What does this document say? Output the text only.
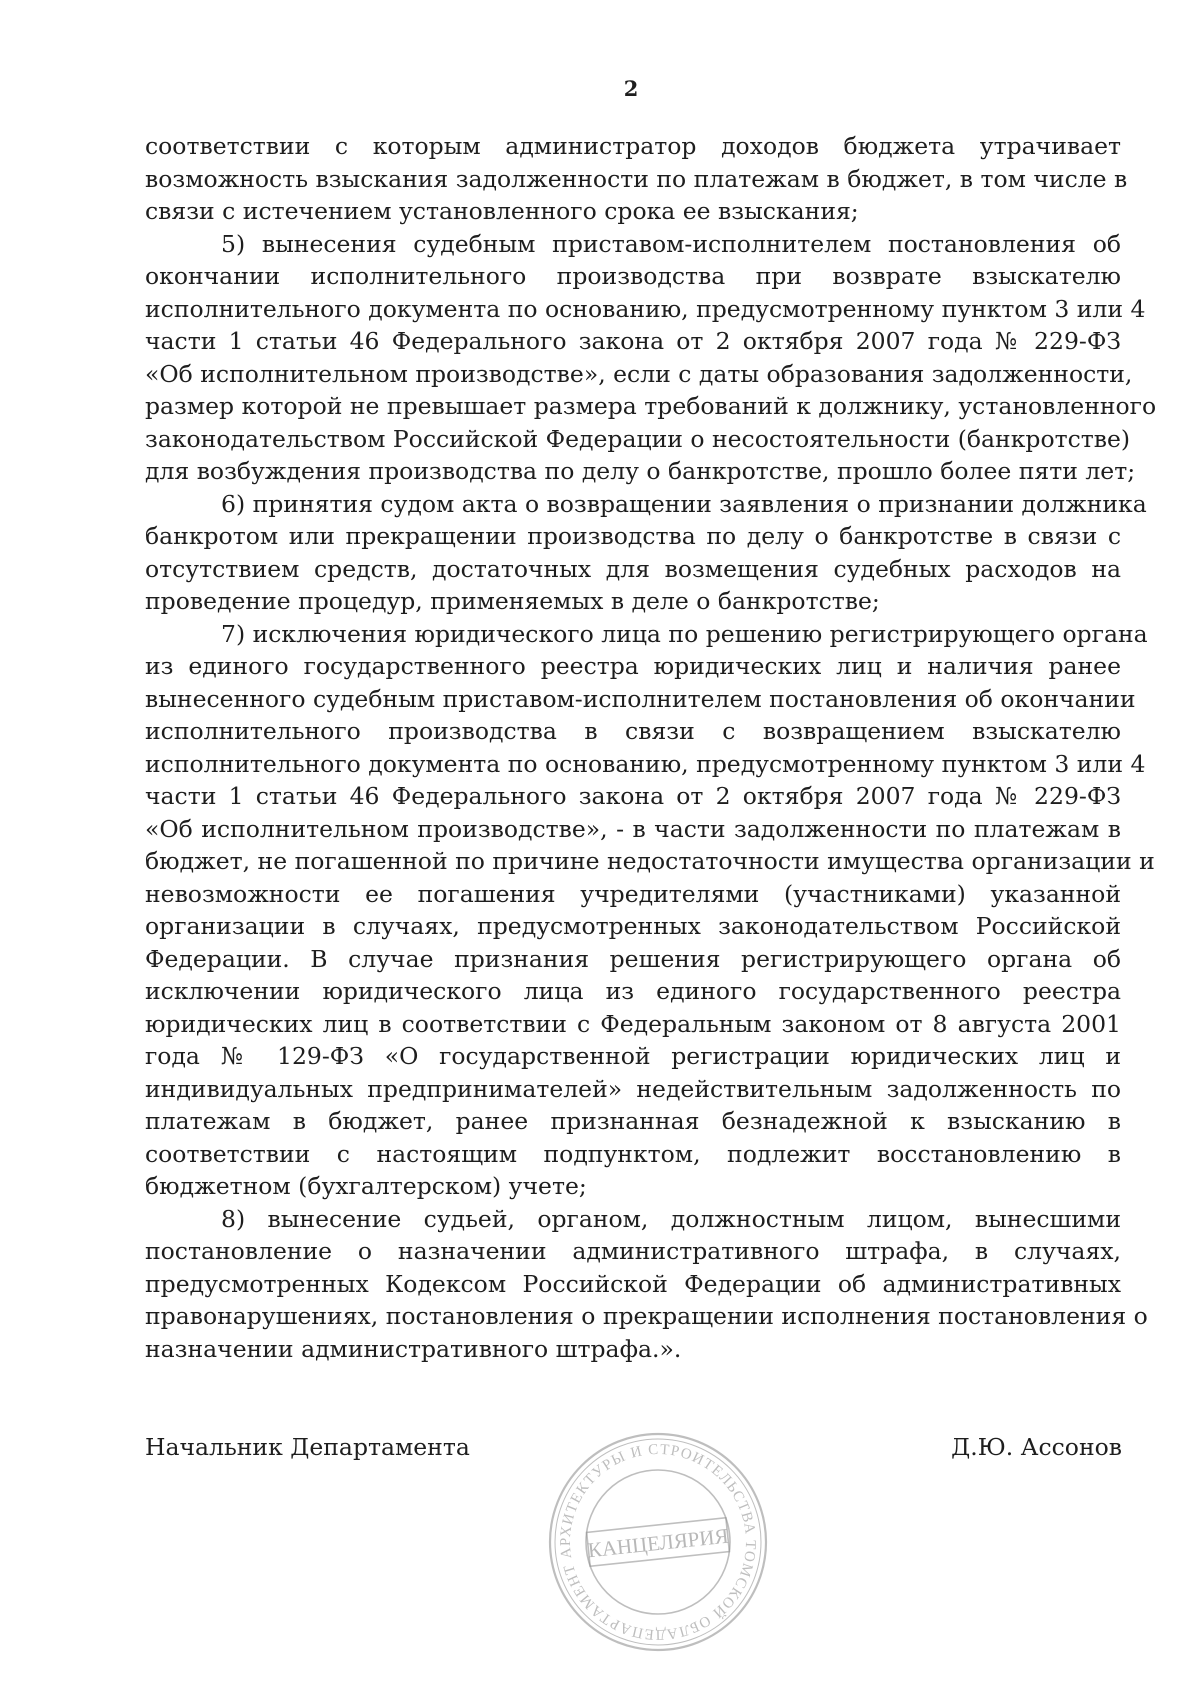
2
соответствии с которым администратор доходов бюджета утрачивает
возможность взыскания задолженности по платежам в бюджет, в том числе в
связи с истечением установленного срока ее взыскания;
5) вынесения судебным приставом-исполнителем постановления об
окончании исполнительного производства при возврате взыскателю
исполнительного документа по основанию, предусмотренному пунктом 3 или 4
части 1 статьи 46 Федерального закона от 2 октября 2007 года № 229-ФЗ
«Об исполнительном производстве», если с даты образования задолженности,
размер которой не превышает размера требований к должнику, установленного
законодательством Российской Федерации о несостоятельности (банкротстве)
для возбуждения производства по делу о банкротстве, прошло более пяти лет;
6) принятия судом акта о возвращении заявления о признании должника
банкротом или прекращении производства по делу о банкротстве в связи с
отсутствием средств, достаточных для возмещения судебных расходов на
проведение процедур, применяемых в деле о банкротстве;
7) исключения юридического лица по решению регистрирующего органа
из единого государственного реестра юридических лиц и наличия ранее
вынесенного судебным приставом-исполнителем постановления об окончании
исполнительного производства в связи с возвращением взыскателю
исполнительного документа по основанию, предусмотренному пунктом 3 или 4
части 1 статьи 46 Федерального закона от 2 октября 2007 года № 229-ФЗ
«Об исполнительном производстве», - в части задолженности по платежам в
бюджет, не погашенной по причине недостаточности имущества организации и
невозможности ее погашения учредителями (участниками) указанной
организации в случаях, предусмотренных законодательством Российской
Федерации. В случае признания решения регистрирующего органа об
исключении юридического лица из единого государственного реестра
юридических лиц в соответствии с Федеральным законом от 8 августа 2001
года № 129-ФЗ «О государственной регистрации юридических лиц и
индивидуальных предпринимателей» недействительным задолженность по
платежам в бюджет, ранее признанная безнадежной к взысканию в
соответствии с настоящим подпунктом, подлежит восстановлению в
бюджетном (бухгалтерском) учете;
8) вынесение судьей, органом, должностным лицом, вынесшими
постановление о назначении административного штрафа, в случаях,
предусмотренных Кодексом Российской Федерации об административных
правонарушениях, постановления о прекращении исполнения постановления о
назначении административного штрафа.».
Начальник Департамента	Д.Ю. Ассонов
ДЕПАРТАМЕНТ АРХИТЕКТУРЫ И СТРОИТЕЛЬСТВА ТОМСКОЙ ОБЛАСТИ
КАНЦЕЛЯРИЯ
